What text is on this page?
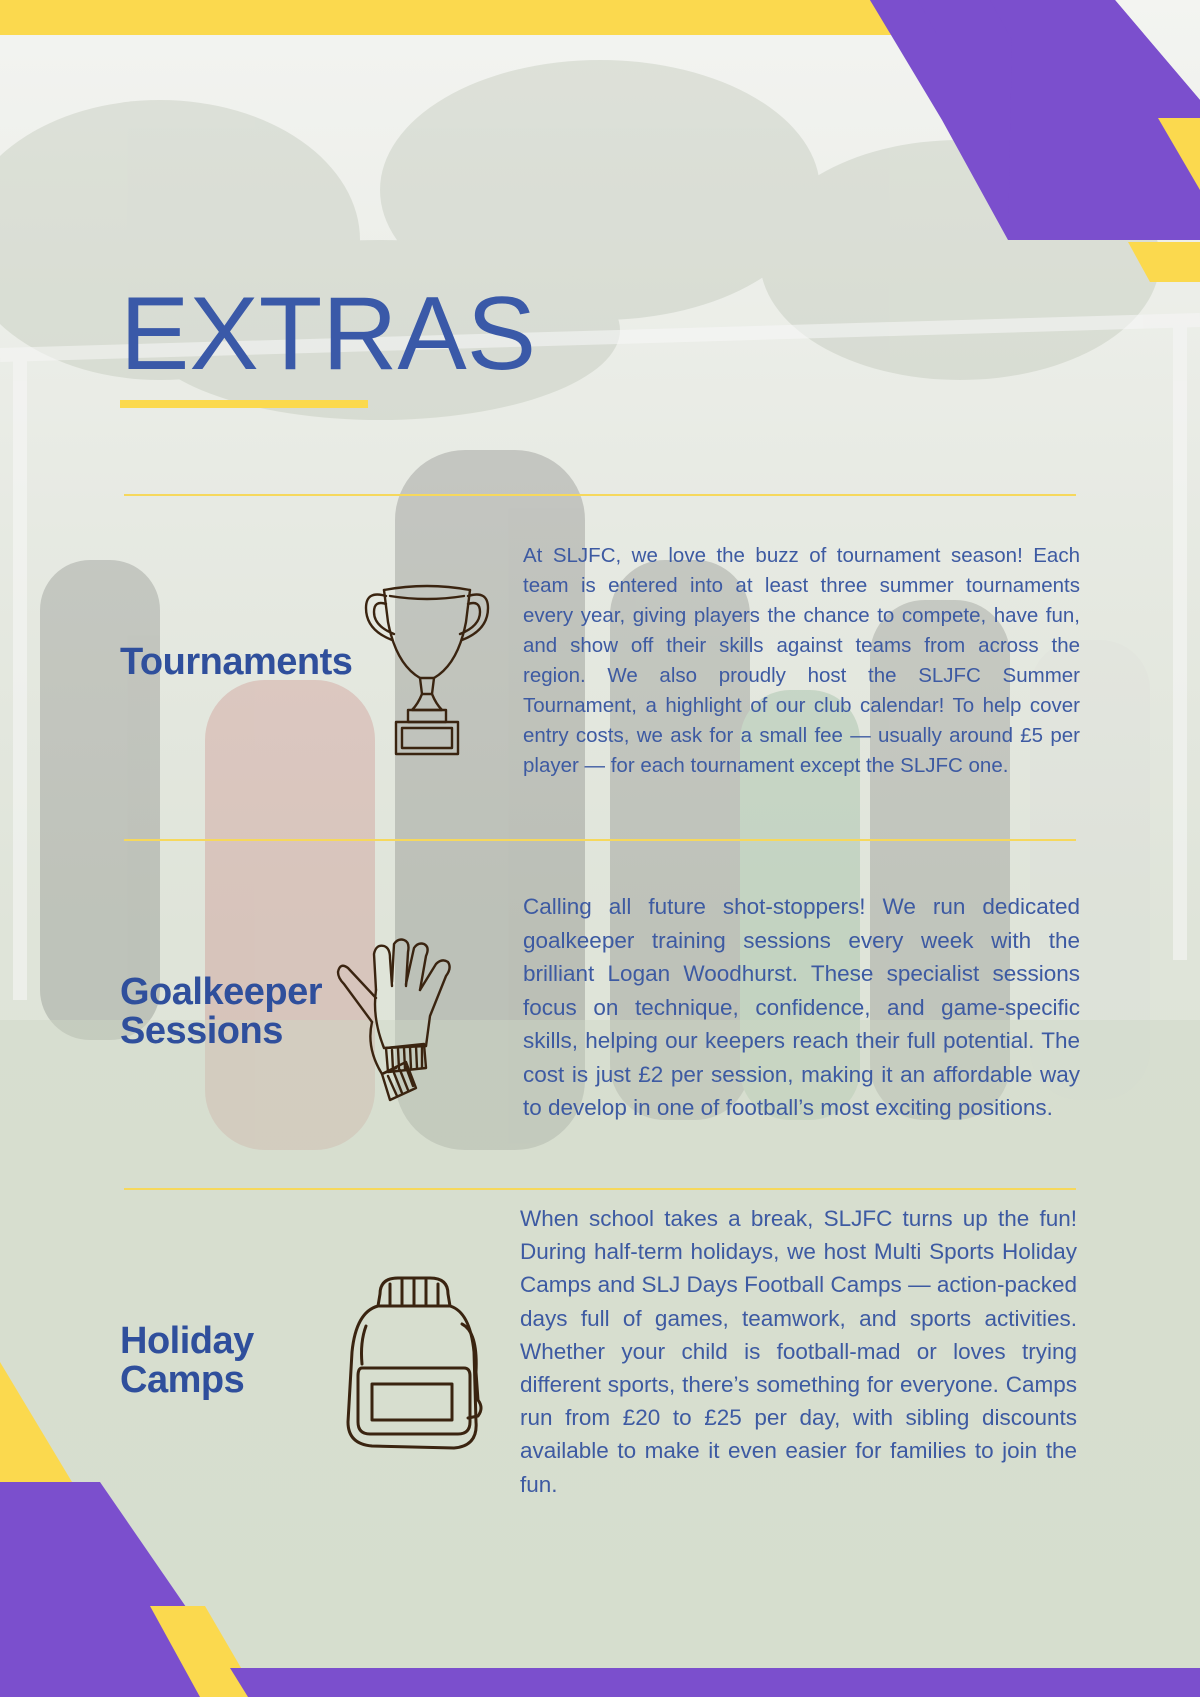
EXTRAS
Tournaments

At SLJFC, we love the buzz of tournament season! Each team is entered into at least three summer tournaments every year, giving players the chance to compete, have fun, and show off their skills against teams from across the region. We also proudly host the SLJFC Summer Tournament, a highlight of our club calendar! To help cover entry costs, we ask for a small fee — usually around £5 per player — for each tournament except the SLJFC one.

Goalkeeper
Sessions

Calling all future shot-stoppers! We run dedicated goalkeeper training sessions every week with the brilliant Logan Woodhurst. These specialist sessions focus on technique, confidence, and game-specific skills, helping our keepers reach their full potential. The cost is just £2 per session, making it an affordable way to develop in one of football’s most exciting positions.

Holiday
Camps

When school takes a break, SLJFC turns up the fun! During half-term holidays, we host Multi Sports Holiday Camps and SLJ Days Football Camps — action-packed days full of games, teamwork, and sports activities. Whether your child is football-mad or loves trying different sports, there’s something for everyone. Camps run from £20 to £25 per day, with sibling discounts available to make it even easier for families to join the fun.
